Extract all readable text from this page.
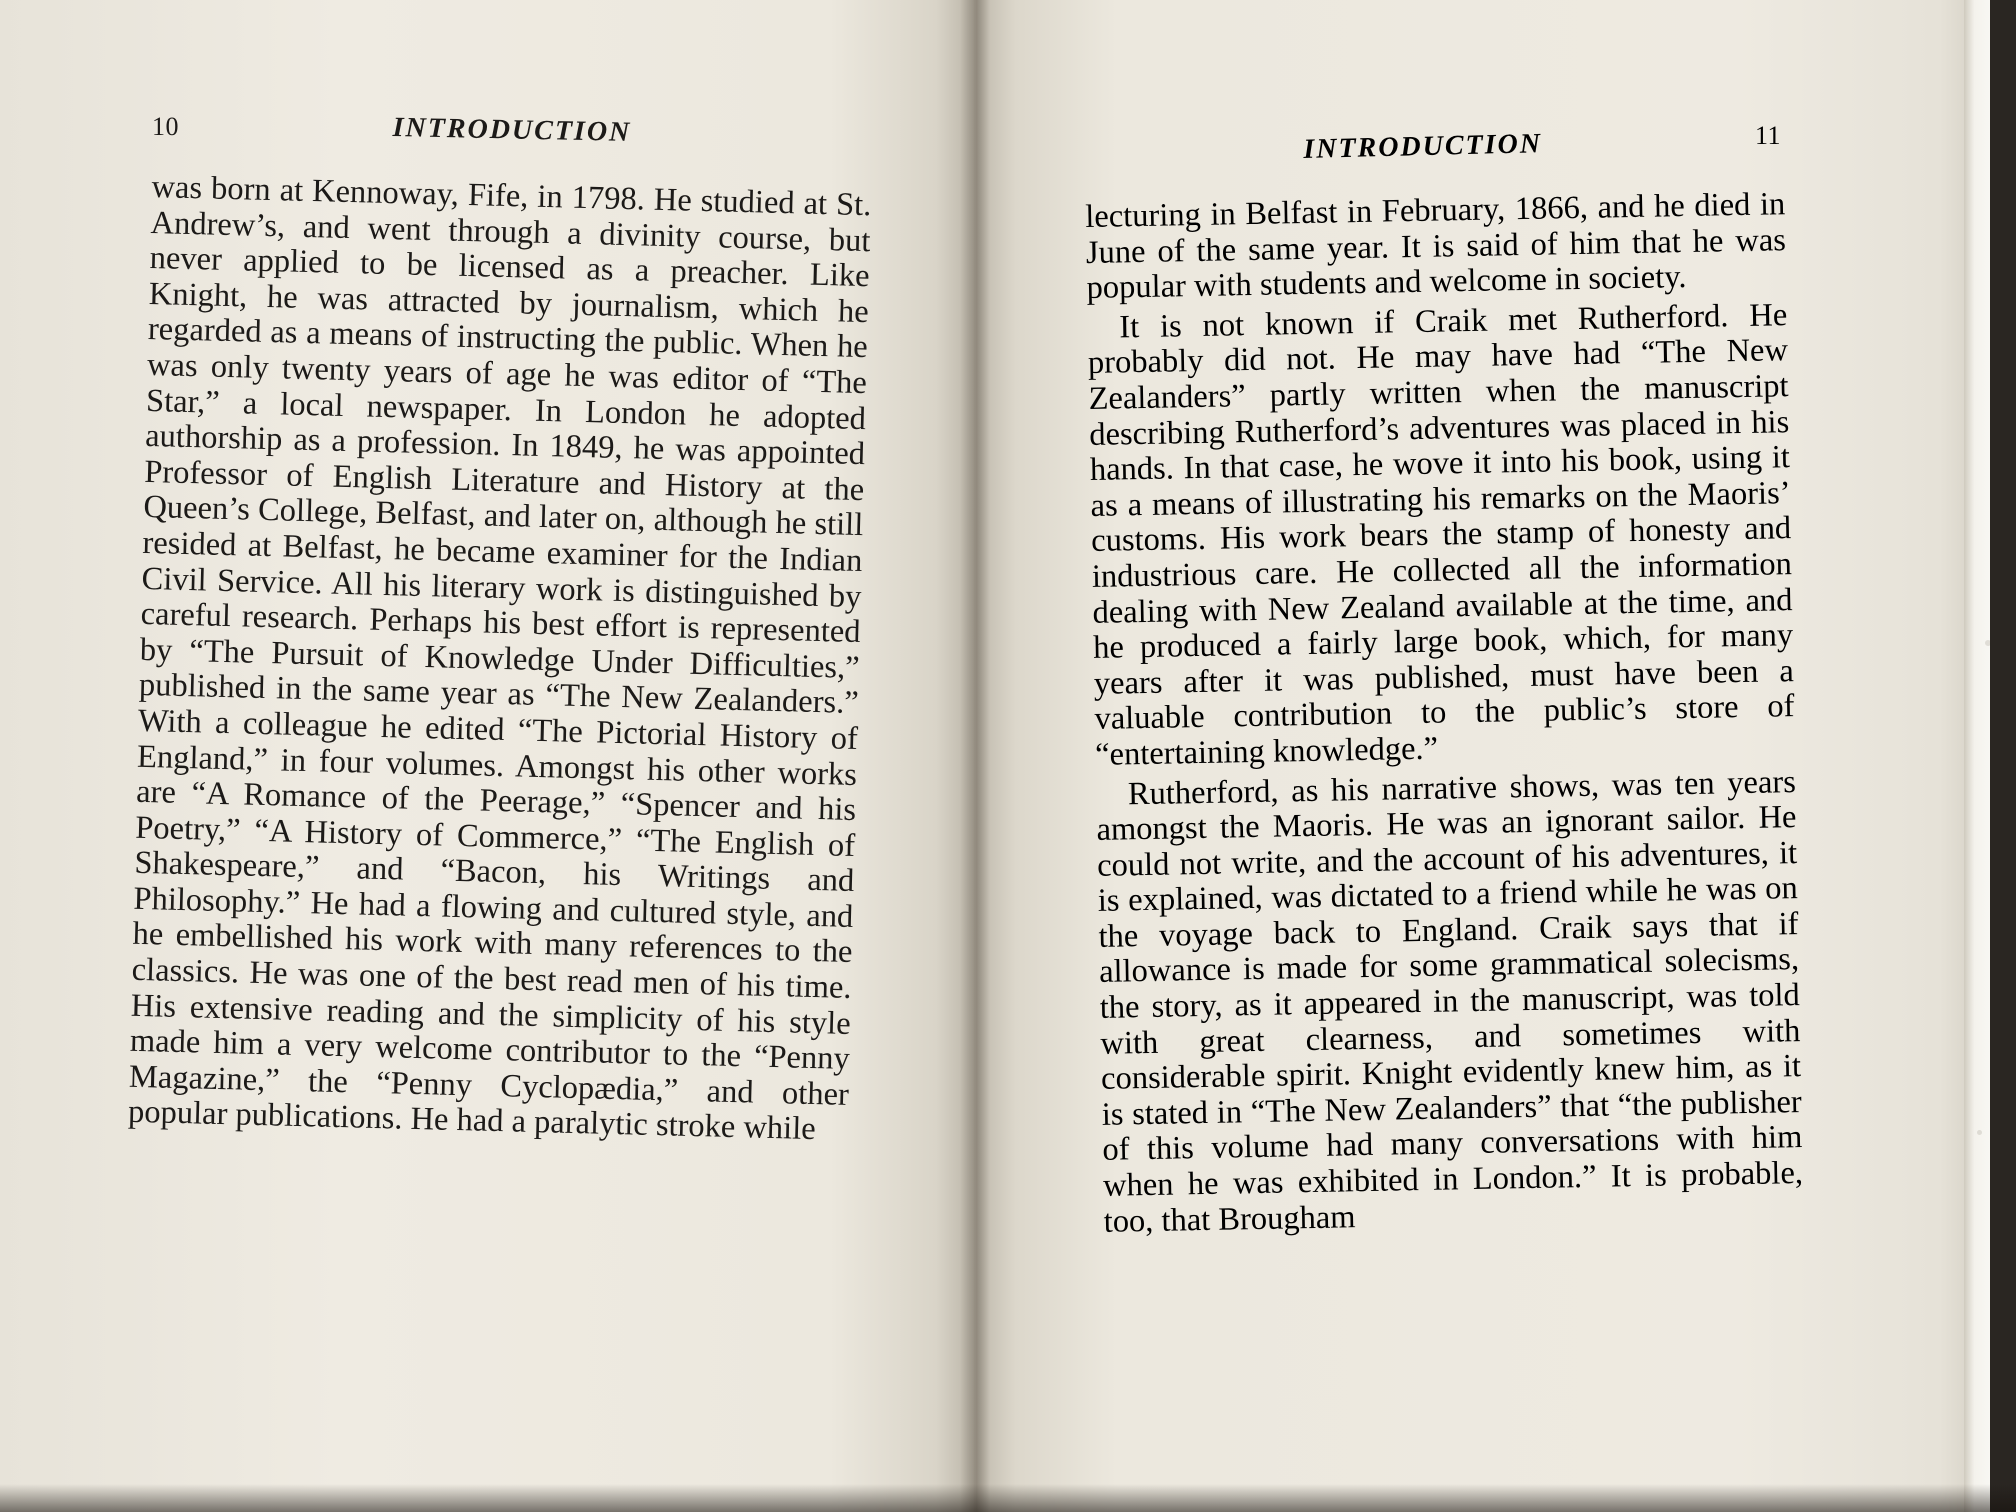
10	INTRODUCTION

was born at Kennoway, Fife, in 1798. He studied at St. Andrew’s, and went through a divinity course, but never applied to be licensed as a preacher. Like Knight, he was attracted by journalism, which he regarded as a means of instructing the public. When he was only twenty years of age he was editor of “The Star,” a local newspaper. In London he adopted authorship as a profession. In 1849, he was appointed Professor of English Literature and History at the Queen’s College, Belfast, and later on, although he still resided at Belfast, he became examiner for the Indian Civil Service. All his literary work is distinguished by careful research. Perhaps his best effort is represented by “The Pursuit of Knowledge Under Difficulties,” published in the same year as “The New Zealanders.” With a colleague he edited “The Pictorial History of England,” in four volumes. Amongst his other works are “A Romance of the Peerage,” “Spencer and his Poetry,” “A History of Commerce,” “The English of Shakespeare,” and “Bacon, his Writings and Philosophy.” He had a flowing and cultured style, and he embellished his work with many references to the classics. He was one of the best read men of his time. His extensive reading and the simplicity of his style made him a very welcome contributor to the “Penny Magazine,” the “Penny Cyclopædia,” and other popular publications. He had a paralytic stroke while

11
INTRODUCTION

lecturing in Belfast in February, 1866, and he died in June of the same year. It is said of him that he was popular with students and welcome in society.

It is not known if Craik met Rutherford. He probably did not. He may have had “The New Zealanders” partly written when the manuscript describing Rutherford’s adventures was placed in his hands. In that case, he wove it into his book, using it as a means of illustrating his remarks on the Maoris’ customs. His work bears the stamp of honesty and industrious care. He collected all the information dealing with New Zealand available at the time, and he produced a fairly large book, which, for many years after it was published, must have been a valuable contribution to the public’s store of “entertaining knowledge.”

Rutherford, as his narrative shows, was ten years amongst the Maoris. He was an ignorant sailor. He could not write, and the account of his adventures, it is explained, was dictated to a friend while he was on the voyage back to England. Craik says that if allowance is made for some grammatical solecisms, the story, as it appeared in the manuscript, was told with great clearness, and sometimes with considerable spirit. Knight evidently knew him, as it is stated in “The New Zealanders” that “the publisher of this volume had many conversations with him when he was exhibited in London.” It is probable, too, that Brougham
